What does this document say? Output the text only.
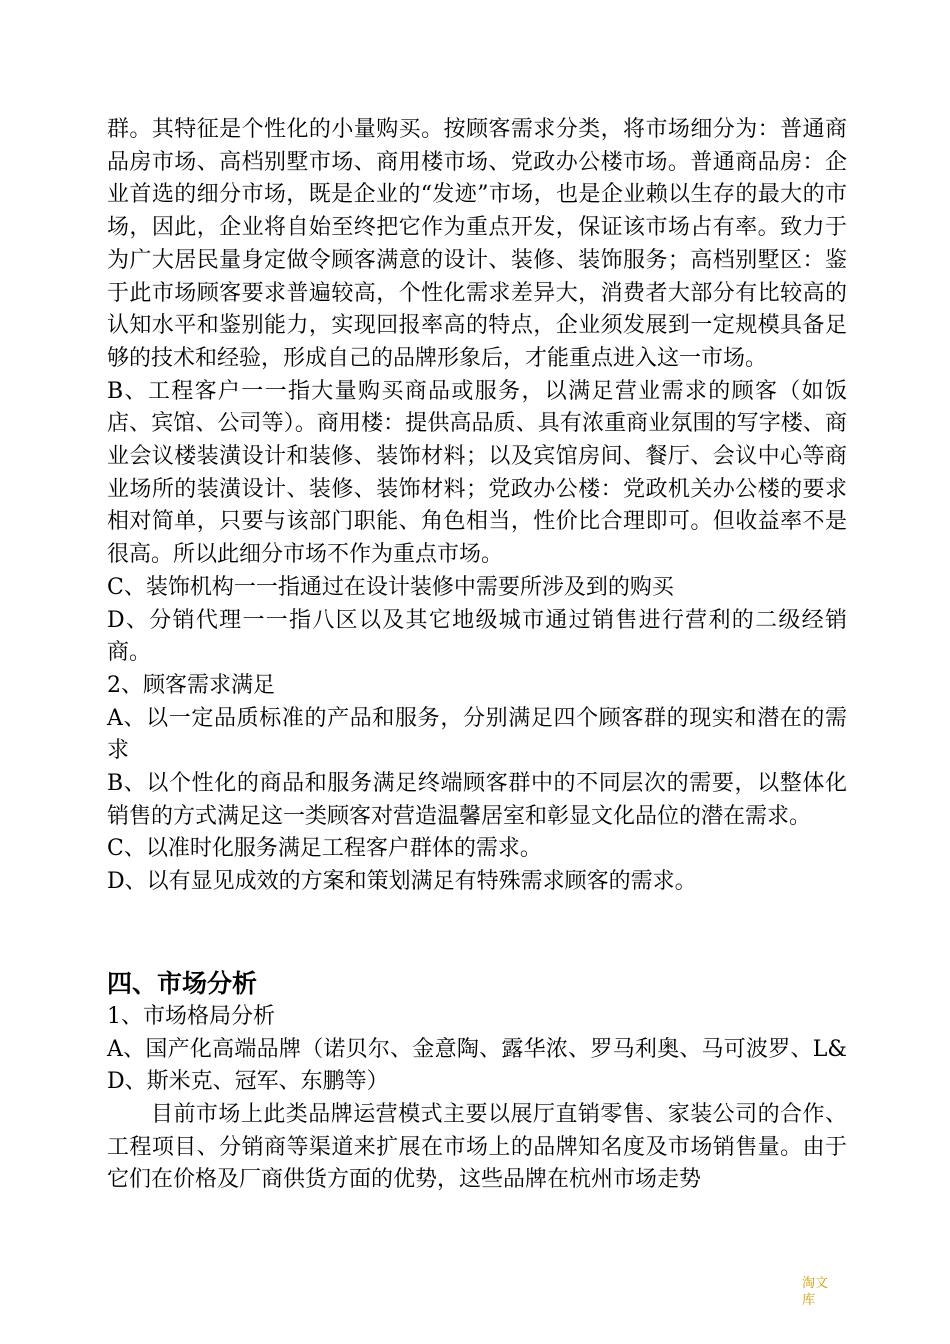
群。其特征是个性化的小量购买。按顾客需求分类，将市场细分为：普通商品房市场、高档别墅市场、商用楼市场、党政办公楼市场。普通商品房：企业首选的细分市场，既是企业的“发迹”市场，也是企业赖以生存的最大的市场，因此，企业将自始至终把它作为重点开发，保证该市场占有率。致力于为广大居民量身定做令顾客满意的设计、装修、装饰服务；高档别墅区：鉴于此市场顾客要求普遍较高，个性化需求差异大，消费者大部分有比较高的认知水平和鉴别能力，实现回报率高的特点，企业须发展到一定规模具备足够的技术和经验，形成自己的品牌形象后，才能重点进入这一市场。

B、工程客户一一指大量购买商品或服务，以满足营业需求的顾客（如饭店、宾馆、公司等）。商用楼：提供高品质、具有浓重商业氛围的写字楼、商业会议楼装潢设计和装修、装饰材料；以及宾馆房间、餐厅、会议中心等商业场所的装潢设计、装修、装饰材料；党政办公楼：党政机关办公楼的要求相对简单，只要与该部门职能、角色相当，性价比合理即可。但收益率不是很高。所以此细分市场不作为重点市场。

C、装饰机构一一指通过在设计装修中需要所涉及到的购买

D、分销代理一一指八区以及其它地级城市通过销售进行营利的二级经销商。

2、顾客需求满足

A、以一定品质标准的产品和服务，分别满足四个顾客群的现实和潜在的需求

B、以个性化的商品和服务满足终端顾客群中的不同层次的需要，以整体化销售的方式满足这一类顾客对营造温馨居室和彰显文化品位的潜在需求。

C、以准时化服务满足工程客户群体的需求。

D、以有显见成效的方案和策划满足有特殊需求顾客的需求。

四、市场分析

1、市场格局分析

A、国产化高端品牌（诺贝尔、金意陶、露华浓、罗马利奥、马可波罗、L&D、斯米克、冠军、东鹏等）

目前市场上此类品牌运营模式主要以展厅直销零售、家装公司的合作、工程项目、分销商等渠道来扩展在市场上的品牌知名度及市场销售量。由于它们在价格及厂商供货方面的优势，这些品牌在杭州市场走势

淘文库
